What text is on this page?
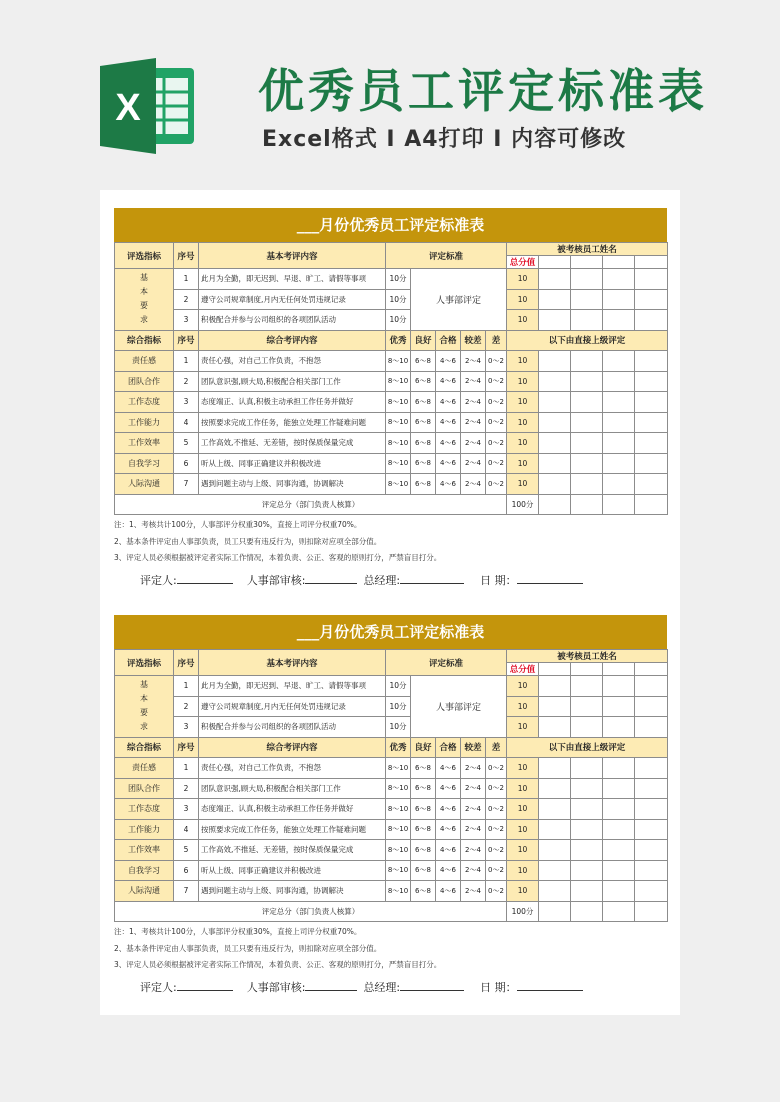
X	优秀员工评定标准表
Excel格式 I A4打印 I 内容可修改
___月份优秀员工评定标准表
评选指标	序号	基本考评内容	评定标准					被考核员工姓名				
								总分值				
基本要求	1	此月为全勤，即无迟到、早退、旷工、请假等事项	10分	人事部评定				10				
	2	遵守公司规章制度,月内无任何处罚违规记录	10分					10				
	3	积极配合并参与公司组织的各项团队活动	10分					10				
综合指标	序号	综合考评内容	优秀	良好	合格	较差	差	以下由直接上级评定				
责任感	1	责任心强，对自己工作负责，不抱怨	8～10	6～8	4～6	2～4	0～2	10				
团队合作	2	团队意识强,顾大局,积极配合相关部门工作	8～10	6～8	4～6	2～4	0～2	10				
工作态度	3	态度端正、认真,积极主动承担工作任务并做好	8～10	6～8	4～6	2～4	0～2	10				
工作能力	4	按照要求完成工作任务，能独立处理工作疑难问题	8～10	6～8	4～6	2～4	0～2	10				
工作效率	5	工作高效,不推延、无差错，按时保质保量完成	8～10	6～8	4～6	2～4	0～2	10				
自我学习	6	听从上级、同事正确建议并积极改进	8～10	6～8	4～6	2～4	0～2	10				
人际沟通	7	遇到问题主动与上级、同事沟通，协调解决	8～10	6～8	4～6	2～4	0～2	10				
评定总分（部门负责人核算）								100分				
注：1、考核共计100分，人事部评分权重30%，直接上司评分权重70%。
2、基本条件评定由人事部负责，员工只要有违反行为，则扣除对应项全部分值。
3、评定人员必须根据被评定者实际工作情况，本着负责、公正、客观的原则打分，严禁盲目打分。
评定人:	人事部审核:	总经理:	日 期：
___月份优秀员工评定标准表
评选指标	序号	基本考评内容	评定标准					被考核员工姓名				
								总分值				
基本要求	1	此月为全勤，即无迟到、早退、旷工、请假等事项	10分	人事部评定				10				
	2	遵守公司规章制度,月内无任何处罚违规记录	10分					10				
	3	积极配合并参与公司组织的各项团队活动	10分					10				
综合指标	序号	综合考评内容	优秀	良好	合格	较差	差	以下由直接上级评定				
责任感	1	责任心强，对自己工作负责，不抱怨	8～10	6～8	4～6	2～4	0～2	10				
团队合作	2	团队意识强,顾大局,积极配合相关部门工作	8～10	6～8	4～6	2～4	0～2	10				
工作态度	3	态度端正、认真,积极主动承担工作任务并做好	8～10	6～8	4～6	2～4	0～2	10				
工作能力	4	按照要求完成工作任务，能独立处理工作疑难问题	8～10	6～8	4～6	2～4	0～2	10				
工作效率	5	工作高效,不推延、无差错，按时保质保量完成	8～10	6～8	4～6	2～4	0～2	10				
自我学习	6	听从上级、同事正确建议并积极改进	8～10	6～8	4～6	2～4	0～2	10				
人际沟通	7	遇到问题主动与上级、同事沟通，协调解决	8～10	6～8	4～6	2～4	0～2	10				
评定总分（部门负责人核算）								100分				
注：1、考核共计100分，人事部评分权重30%，直接上司评分权重70%。
2、基本条件评定由人事部负责，员工只要有违反行为，则扣除对应项全部分值。
3、评定人员必须根据被评定者实际工作情况，本着负责、公正、客观的原则打分，严禁盲目打分。
评定人:	人事部审核:	总经理:	日 期：
